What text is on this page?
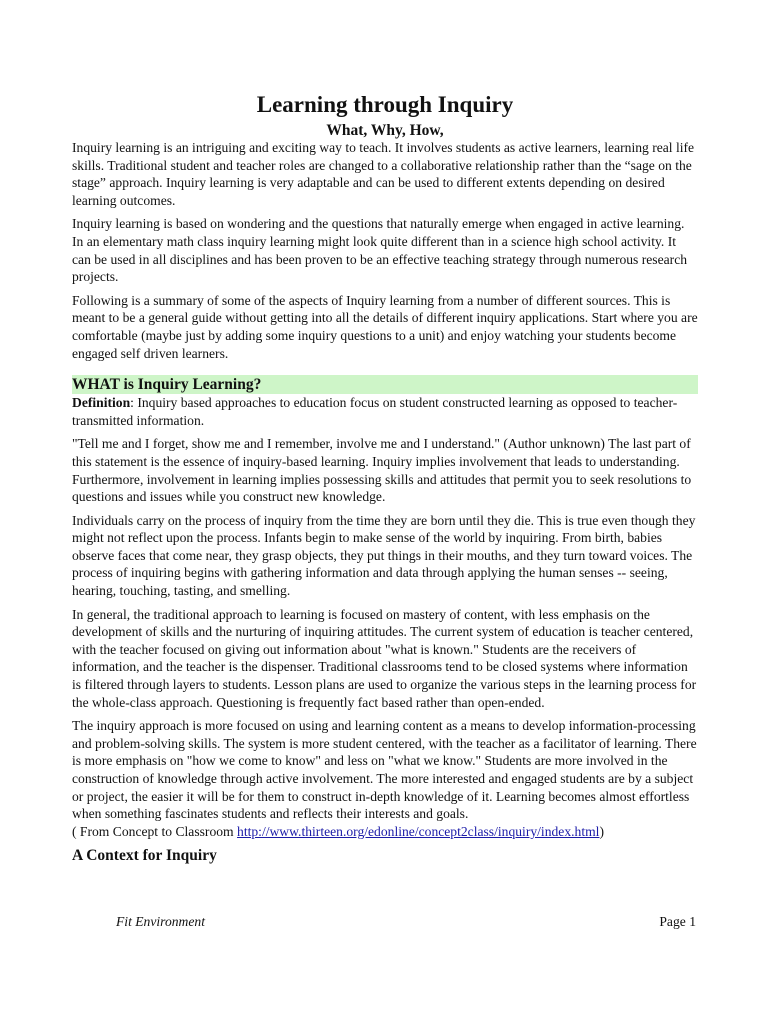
Learning through Inquiry
What, Why, How,

Inquiry learning is an intriguing and exciting way to teach. It involves students as active learners, learning real life skills. Traditional student and teacher roles are changed to a collaborative relationship rather than the “sage on the stage” approach. Inquiry learning is very adaptable and can be used to different extents depending on desired learning outcomes.

Inquiry learning is based on wondering and the questions that naturally emerge when engaged in active learning. In an elementary math class inquiry learning might look quite different than in a science high school activity. It can be used in all disciplines and has been proven to be an effective teaching strategy through numerous research projects.

Following is a summary of some of the aspects of Inquiry learning from a number of different sources. This is meant to be a general guide without getting into all the details of different inquiry applications. Start where you are comfortable (maybe just by adding some inquiry questions to a unit) and enjoy watching your students become engaged self driven learners.

WHAT is Inquiry Learning?

Definition: Inquiry based approaches to education focus on student constructed learning as opposed to teacher-transmitted information.

"Tell me and I forget, show me and I remember, involve me and I understand." (Author unknown) The last part of this statement is the essence of inquiry-based learning. Inquiry implies involvement that leads to understanding. Furthermore, involvement in learning implies possessing skills and attitudes that permit you to seek resolutions to questions and issues while you construct new knowledge.

Individuals carry on the process of inquiry from the time they are born until they die. This is true even though they might not reflect upon the process. Infants begin to make sense of the world by inquiring. From birth, babies observe faces that come near, they grasp objects, they put things in their mouths, and they turn toward voices. The process of inquiring begins with gathering information and data through applying the human senses -- seeing, hearing, touching, tasting, and smelling.

In general, the traditional approach to learning is focused on mastery of content, with less emphasis on the development of skills and the nurturing of inquiring attitudes. The current system of education is teacher centered, with the teacher focused on giving out information about "what is known." Students are the receivers of information, and the teacher is the dispenser. Traditional classrooms tend to be closed systems where information is filtered through layers to students. Lesson plans are used to organize the various steps in the learning process for the whole-class approach. Questioning is frequently fact based rather than open-ended.

The inquiry approach is more focused on using and learning content as a means to develop information-processing and problem-solving skills. The system is more student centered, with the teacher as a facilitator of learning. There is more emphasis on "how we come to know" and less on "what we know." Students are more involved in the construction of knowledge through active involvement. The more interested and engaged students are by a subject or project, the easier it will be for them to construct in-depth knowledge of it. Learning becomes almost effortless when something fascinates students and reflects their interests and goals.

( From Concept to Classroom http://www.thirteen.org/edonline/concept2class/inquiry/index.html)

A Context for Inquiry
Fit Environment	Page 1
